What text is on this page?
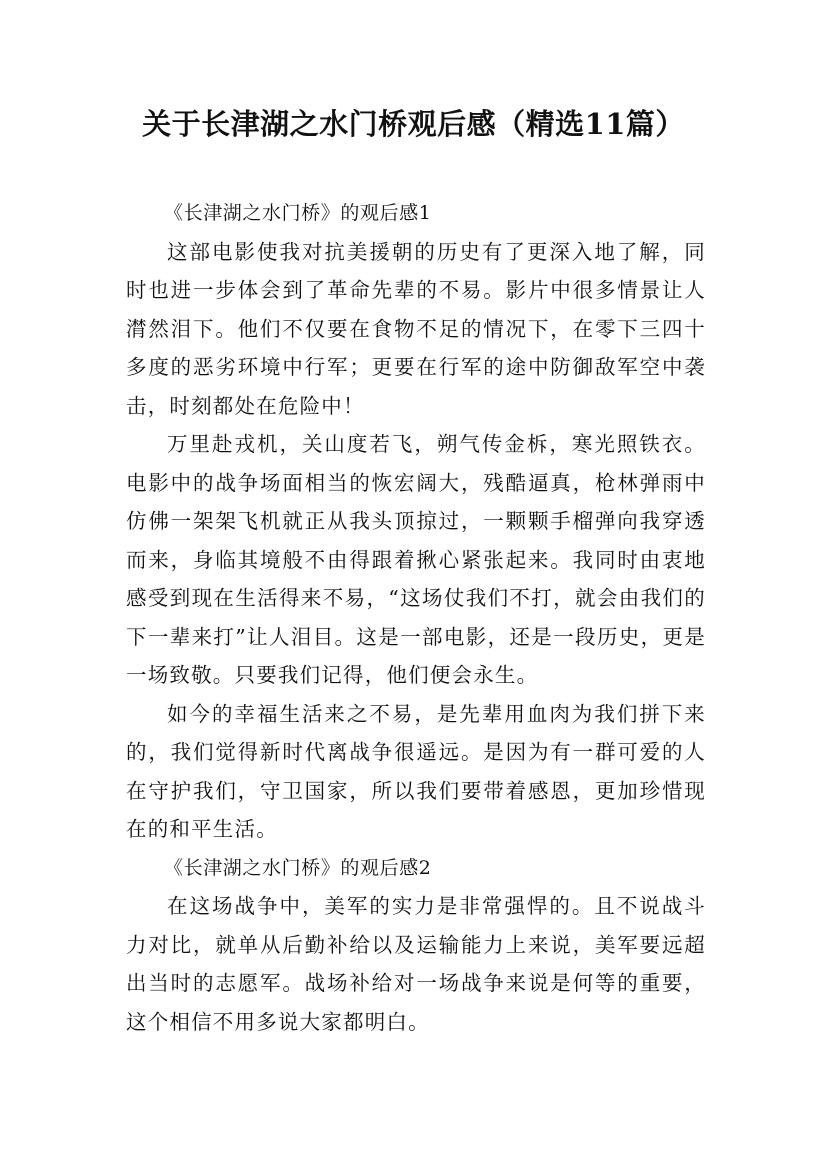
关于长津湖之水门桥观后感（精选11篇）

《长津湖之水门桥》的观后感1

这部电影使我对抗美援朝的历史有了更深入地了解，同时也进一步体会到了革命先辈的不易。影片中很多情景让人潸然泪下。他们不仅要在食物不足的情况下，在零下三四十多度的恶劣环境中行军；更要在行军的途中防御敌军空中袭击，时刻都处在危险中！

万里赴戎机，关山度若飞，朔气传金柝，寒光照铁衣。电影中的战争场面相当的恢宏阔大，残酷逼真，枪林弹雨中仿佛一架架飞机就正从我头顶掠过，一颗颗手榴弹向我穿透而来，身临其境般不由得跟着揪心紧张起来。我同时由衷地感受到现在生活得来不易，“这场仗我们不打，就会由我们的下一辈来打”让人泪目。这是一部电影，还是一段历史，更是一场致敬。只要我们记得，他们便会永生。

如今的幸福生活来之不易，是先辈用血肉为我们拼下来的，我们觉得新时代离战争很遥远。是因为有一群可爱的人在守护我们，守卫国家，所以我们要带着感恩，更加珍惜现在的和平生活。

《长津湖之水门桥》的观后感2

在这场战争中，美军的实力是非常强悍的。且不说战斗力对比，就单从后勤补给以及运输能力上来说，美军要远超出当时的志愿军。战场补给对一场战争来说是何等的重要，这个相信不用多说大家都明白。
